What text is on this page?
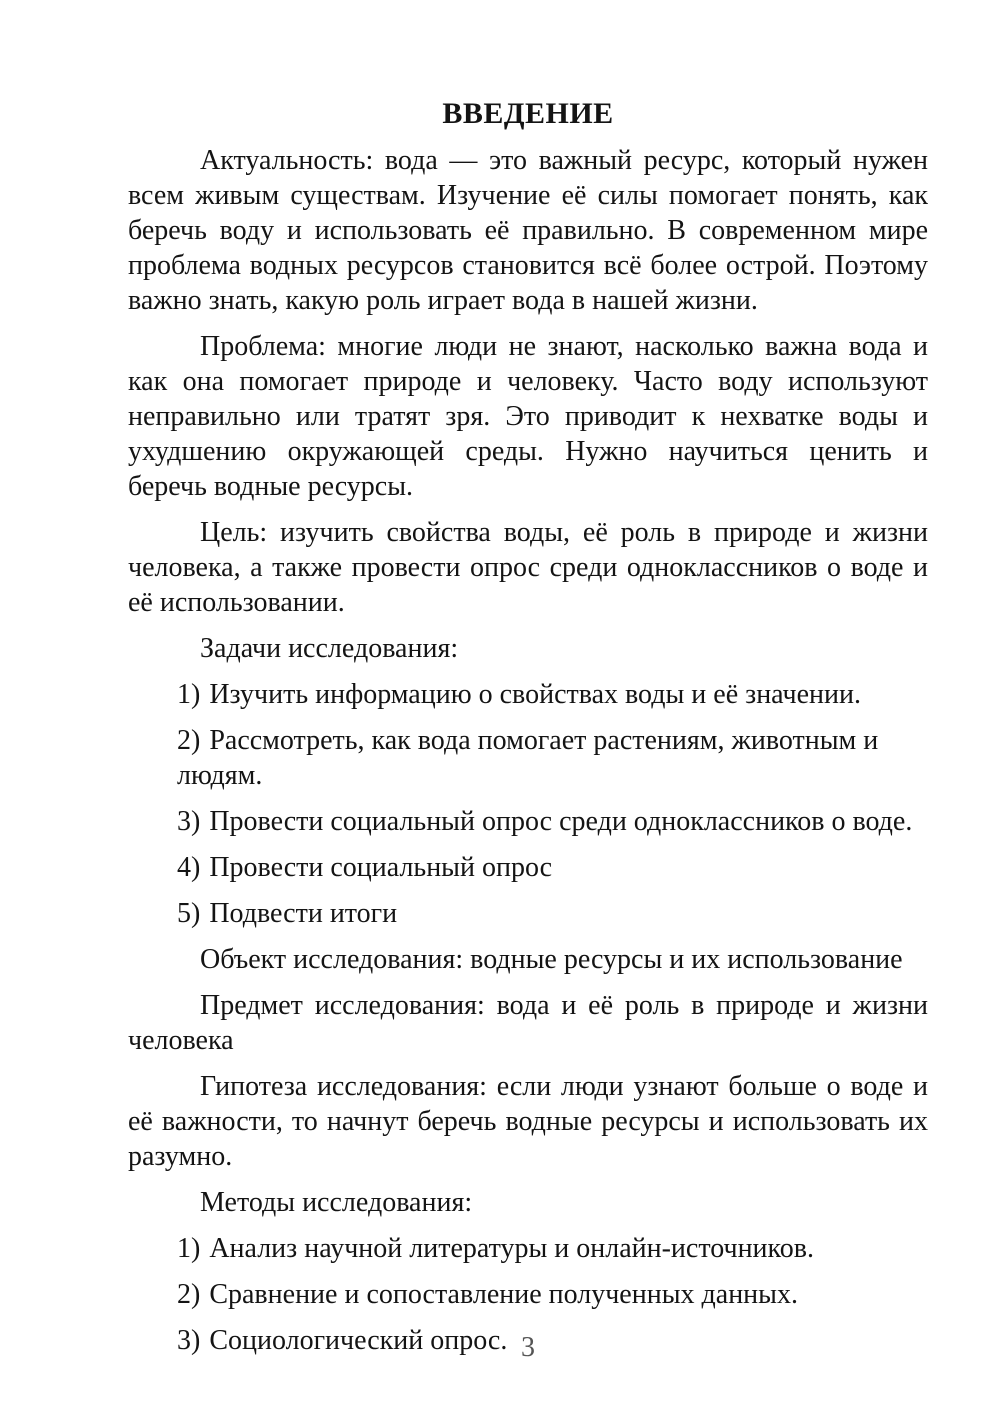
ВВЕДЕНИЕ

Актуальность: вода — это важный ресурс, который нужен всем живым существам. Изучение её силы помогает понять, как беречь воду и использовать её правильно. В современном мире проблема водных ресурсов становится всё более острой. Поэтому важно знать, какую роль играет вода в нашей жизни.

Проблема: многие люди не знают, насколько важна вода и как она помогает природе и человеку. Часто воду используют неправильно или тратят зря. Это приводит к нехватке воды и ухудшению окружающей среды. Нужно научиться ценить и беречь водные ресурсы.

Цель: изучить свойства воды, её роль в природе и жизни человека, а также провести опрос среди одноклассников о воде и её использовании.

Задачи исследования:

1) Изучить информацию о свойствах воды и её значении.

2) Рассмотреть, как вода помогает растениям, животным и людям.

3) Провести социальный опрос среди одноклассников о воде.

4) Провести социальный опрос

5) Подвести итоги

Объект исследования: водные ресурсы и их использование

Предмет исследования: вода и её роль в природе и жизни человека

Гипотеза исследования: если люди узнают больше о воде и её важности, то начнут беречь водные ресурсы и использовать их разумно.

Методы исследования:

1) Анализ научной литературы и онлайн-источников.

2) Сравнение и сопоставление полученных данных.

3) Социологический опрос. 3
